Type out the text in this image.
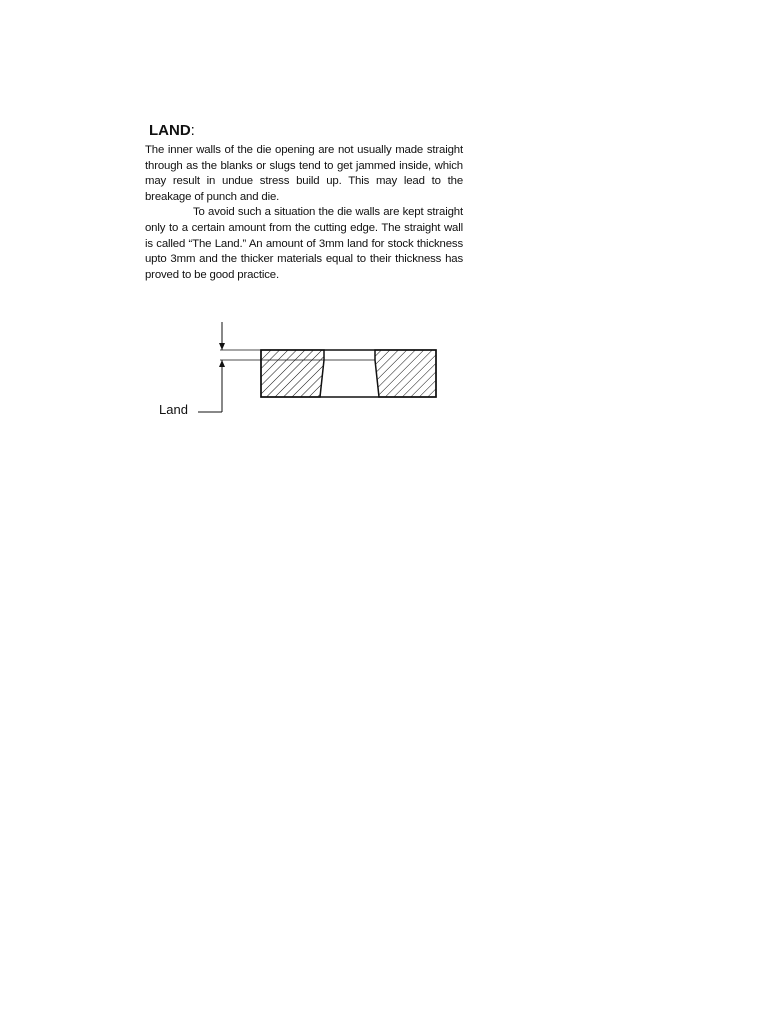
LAND:

The inner walls of the die opening are not usually made straight through as the blanks or slugs tend to get jammed inside, which may result in undue stress build up. This may lead to the breakage of punch and die.

To avoid such a situation the die walls are kept straight only to a certain amount from the cutting edge. The straight wall is called “The Land.” An amount of 3mm land for stock thickness upto 3mm and the thicker materials equal to their thickness has proved to be good practice.

Land
